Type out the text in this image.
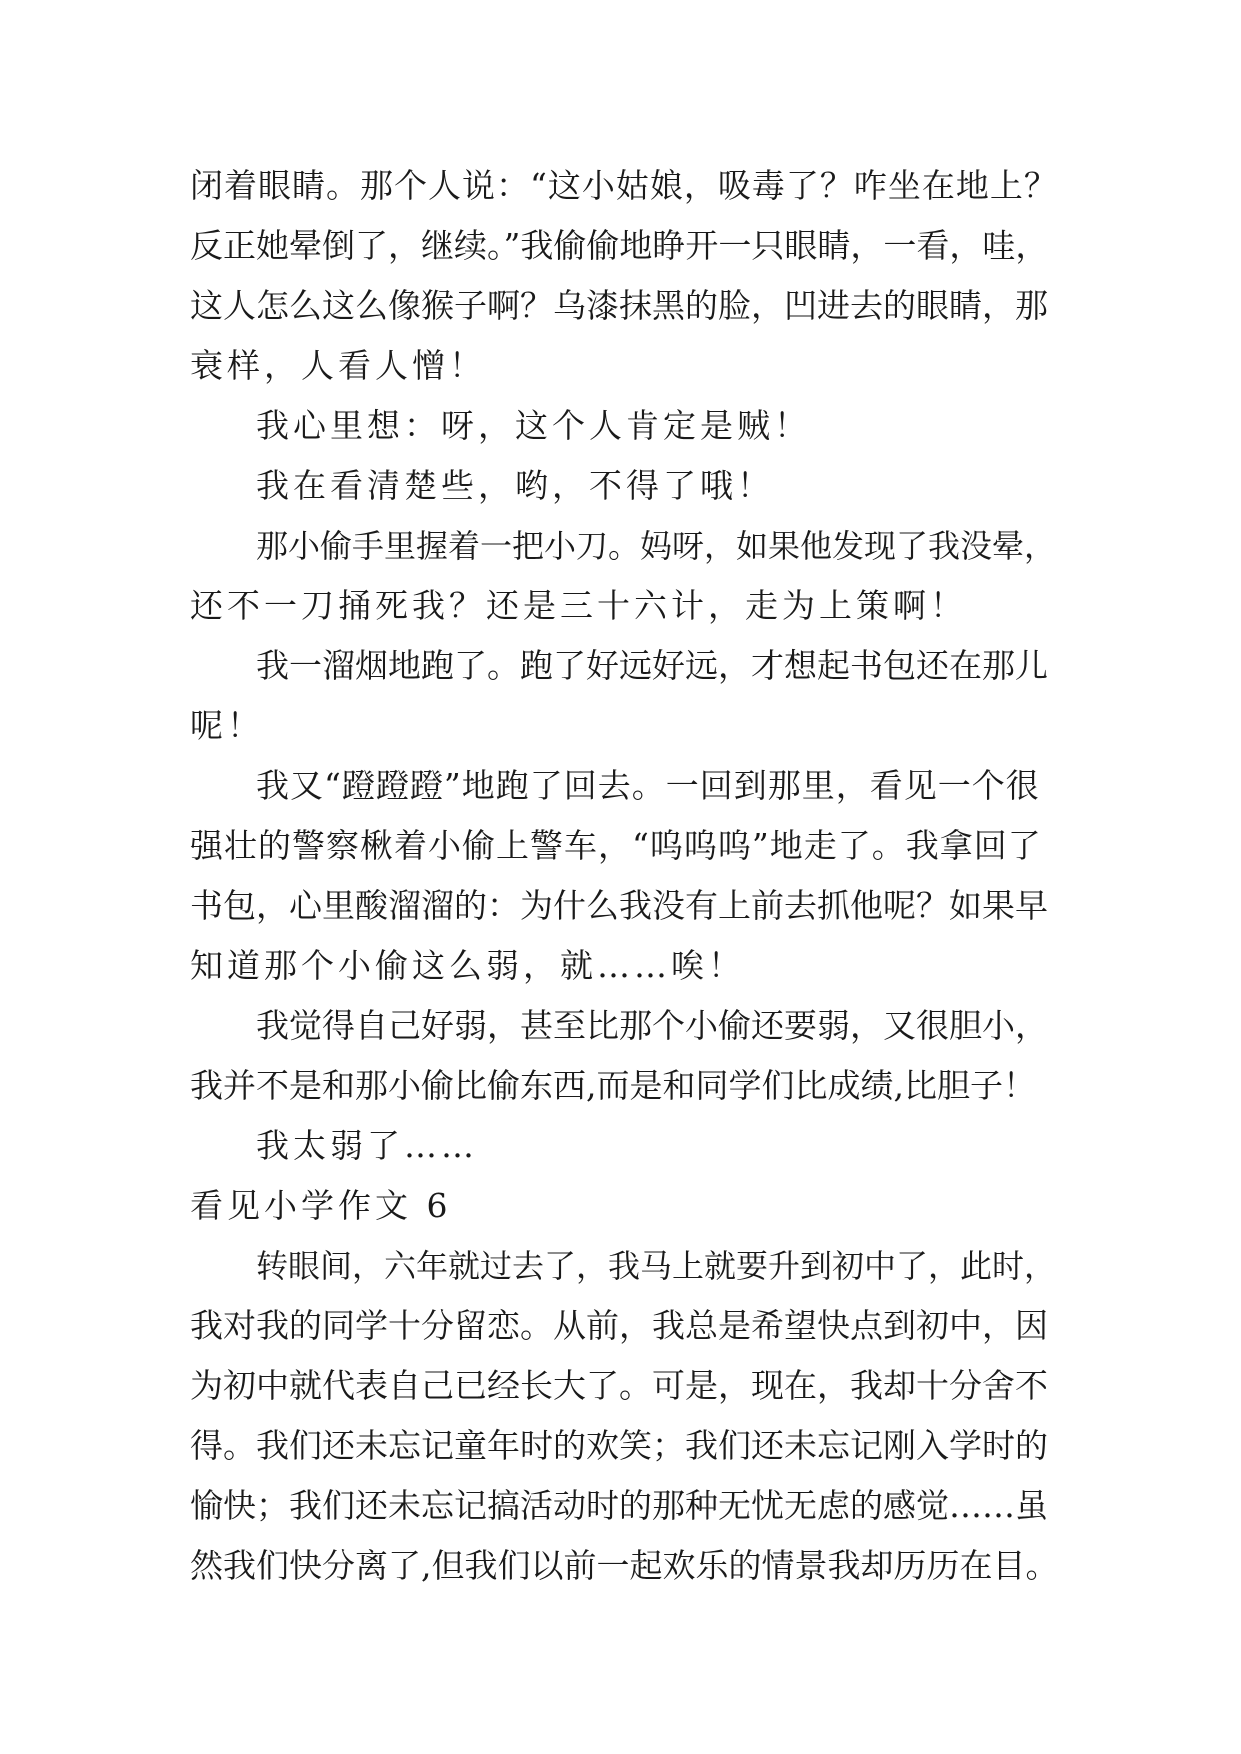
闭着眼睛。那个人说：“这小姑娘，吸毒了？咋坐在地上？
反正她晕倒了，继续。”我偷偷地睁开一只眼睛，一看，哇，
这人怎么这么像猴子啊？乌漆抹黑的脸，凹进去的眼睛，那
衰样，人看人憎！
我心里想：呀，这个人肯定是贼！
我在看清楚些，哟，不得了哦！
那小偷手里握着一把小刀。妈呀，如果他发现了我没晕，
还不一刀捅死我？还是三十六计，走为上策啊！
我一溜烟地跑了。跑了好远好远，才想起书包还在那儿
呢！
我又“蹬蹬蹬”地跑了回去。一回到那里，看见一个很
强壮的警察楸着小偷上警车，“呜呜呜”地走了。我拿回了
书包，心里酸溜溜的：为什么我没有上前去抓他呢？如果早
知道那个小偷这么弱，就……唉！
我觉得自己好弱，甚至比那个小偷还要弱，又很胆小，
我并不是和那小偷比偷东西,而是和同学们比成绩,比胆子！
我太弱了……
看见小学作文 6
转眼间，六年就过去了，我马上就要升到初中了，此时，
我对我的同学十分留恋。从前，我总是希望快点到初中，因
为初中就代表自己已经长大了。可是，现在，我却十分舍不
得。我们还未忘记童年时的欢笑；我们还未忘记刚入学时的
愉快；我们还未忘记搞活动时的那种无忧无虑的感觉……虽
然我们快分离了,但我们以前一起欢乐的情景我却历历在目。
